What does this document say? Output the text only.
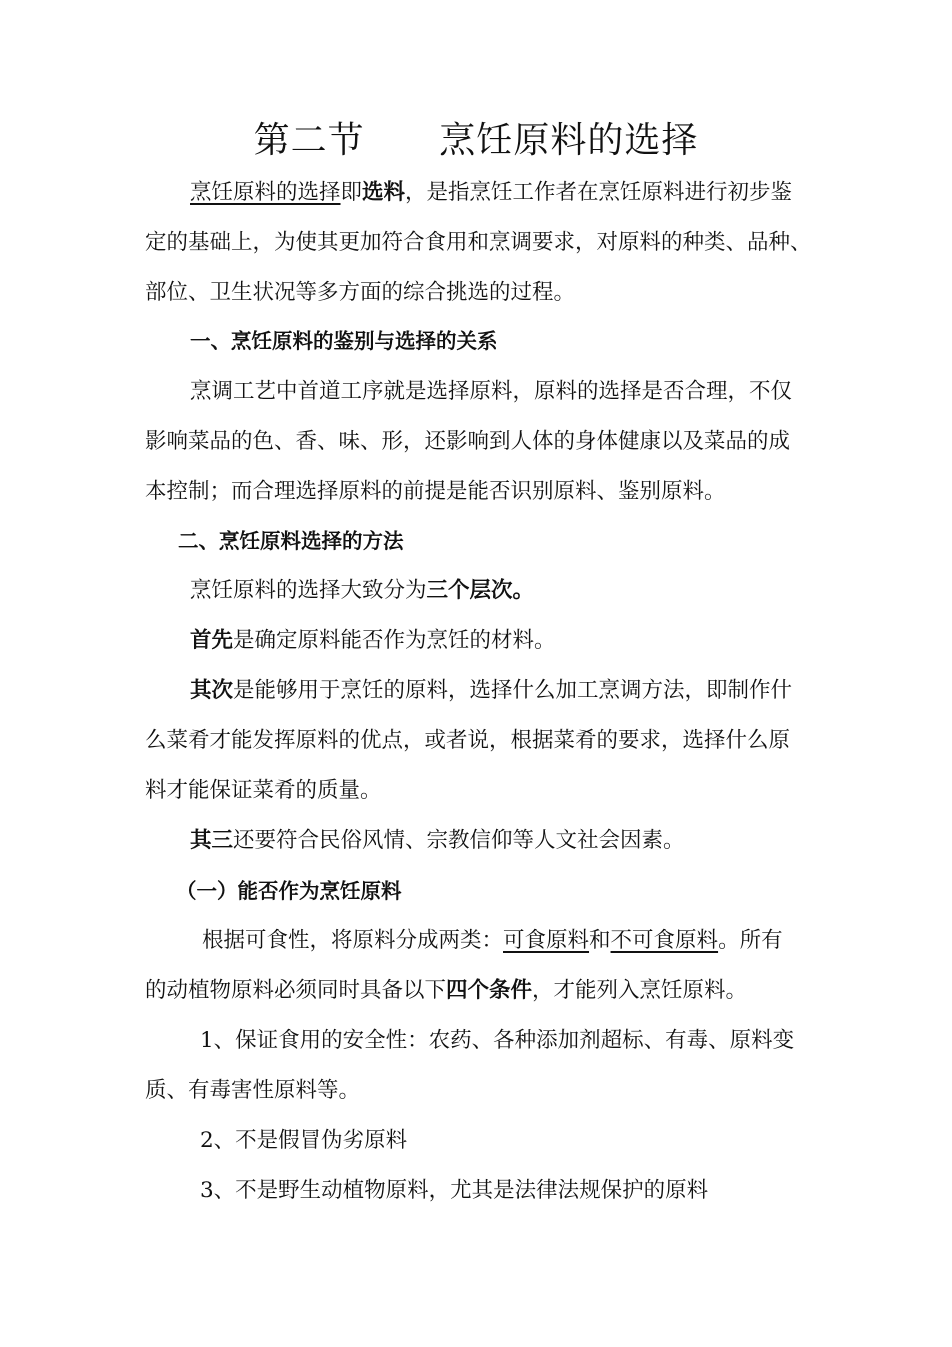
第二节      烹饪原料的选择
烹饪原料的选择即选料，是指烹饪工作者在烹饪原料进行初步鉴
定的基础上，为使其更加符合食用和烹调要求，对原料的种类、品种、
部位、卫生状况等多方面的综合挑选的过程。
一、烹饪原料的鉴别与选择的关系
烹调工艺中首道工序就是选择原料，原料的选择是否合理，不仅
影响菜品的色、香、味、形，还影响到人体的身体健康以及菜品的成
本控制；而合理选择原料的前提是能否识别原料、鉴别原料。
二、烹饪原料选择的方法
烹饪原料的选择大致分为三个层次。
首先是确定原料能否作为烹饪的材料。
其次是能够用于烹饪的原料，选择什么加工烹调方法，即制作什
么菜肴才能发挥原料的优点，或者说，根据菜肴的要求，选择什么原
料才能保证菜肴的质量。
其三还要符合民俗风情、宗教信仰等人文社会因素。
（一）能否作为烹饪原料
根据可食性，将原料分成两类：可食原料和不可食原料。所有
的动植物原料必须同时具备以下四个条件，才能列入烹饪原料。
1、保证食用的安全性：农药、各种添加剂超标、有毒、原料变
质、有毒害性原料等。
2、不是假冒伪劣原料
3、不是野生动植物原料，尤其是法律法规保护的原料
